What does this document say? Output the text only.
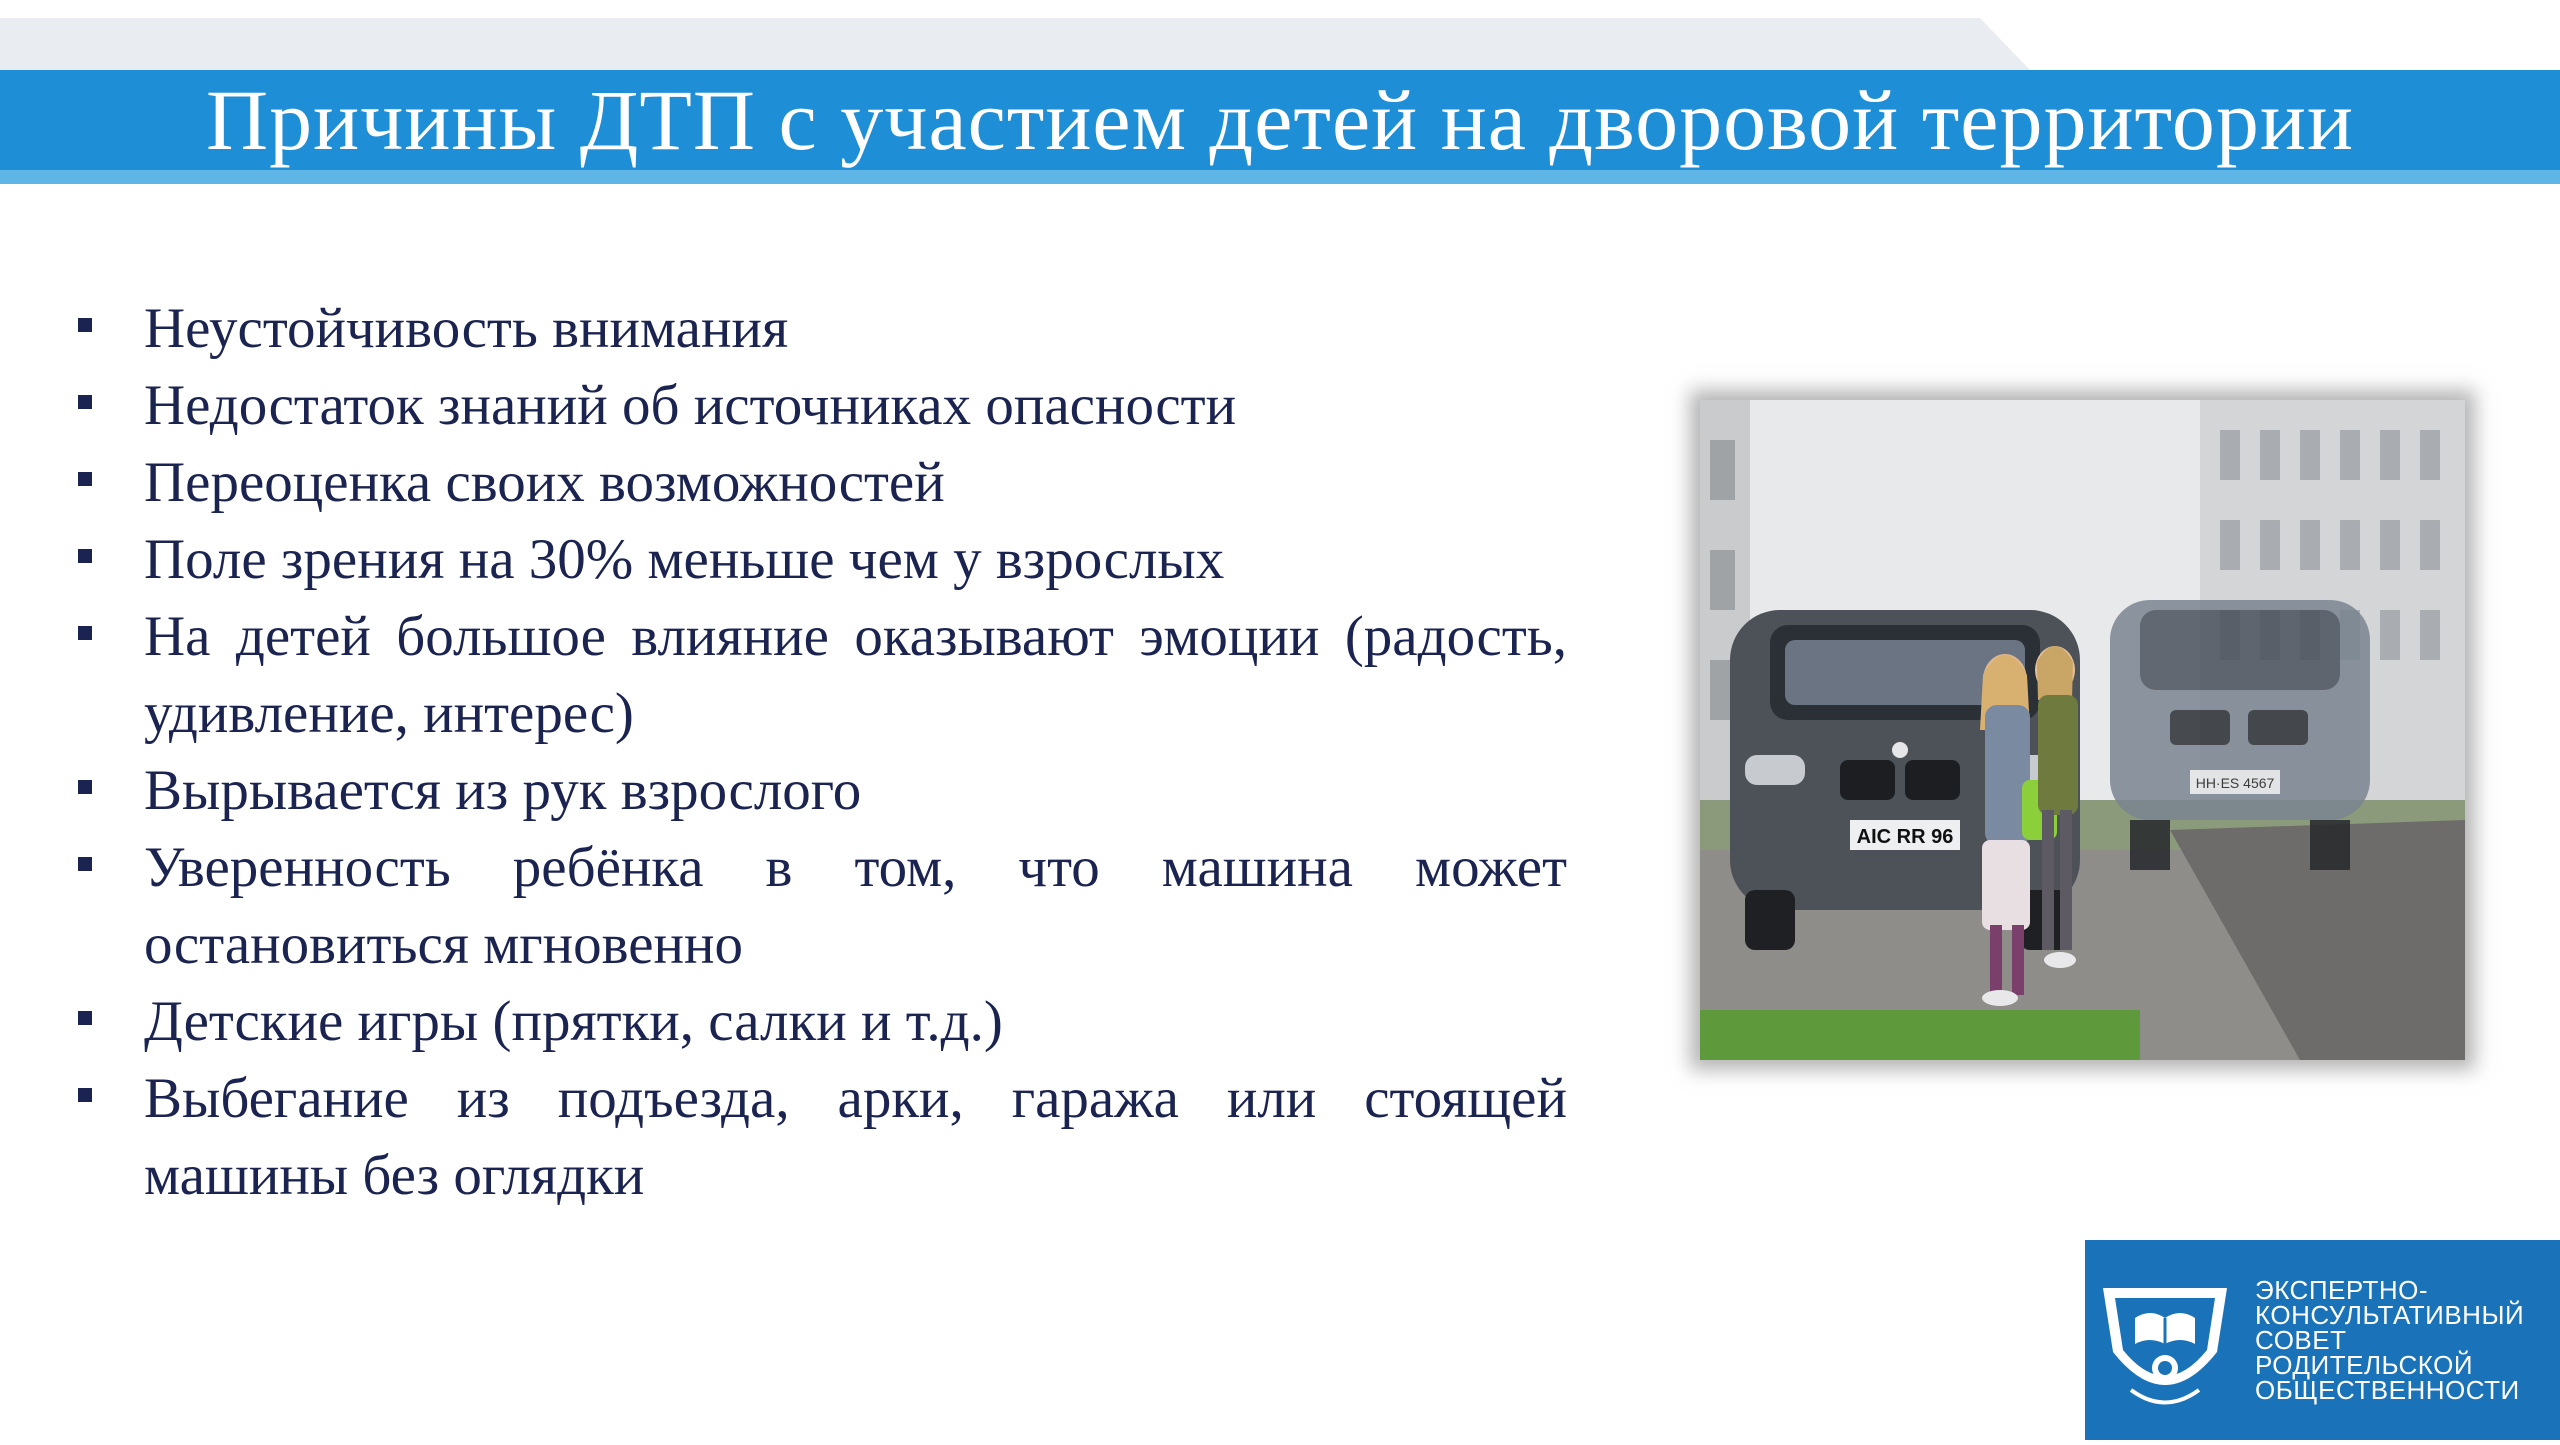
Причины ДТП с участием детей на дворовой территории
Неустойчивость внимания
Недостаток знаний об источниках опасности
Переоценка своих возможностей
Поле зрения на 30% меньше чем у взрослых
На детей большое влияние оказывают эмоции (радость, удивление, интерес)
Вырывается из рук взрослого
Уверенность ребёнка в том, что машина может остановиться мгновенно
Детские игры (прятки, салки и т.д.)
Выбегание из подъезда, арки, гаража или стоящей машины без оглядки
HH·ES 4567
AIC RR 96
ЭКСПЕРТНО-
КОНСУЛЬТАТИВНЫЙ
СОВЕТ
РОДИТЕЛЬСКОЙ
ОБЩЕСТВЕННОСТИ
